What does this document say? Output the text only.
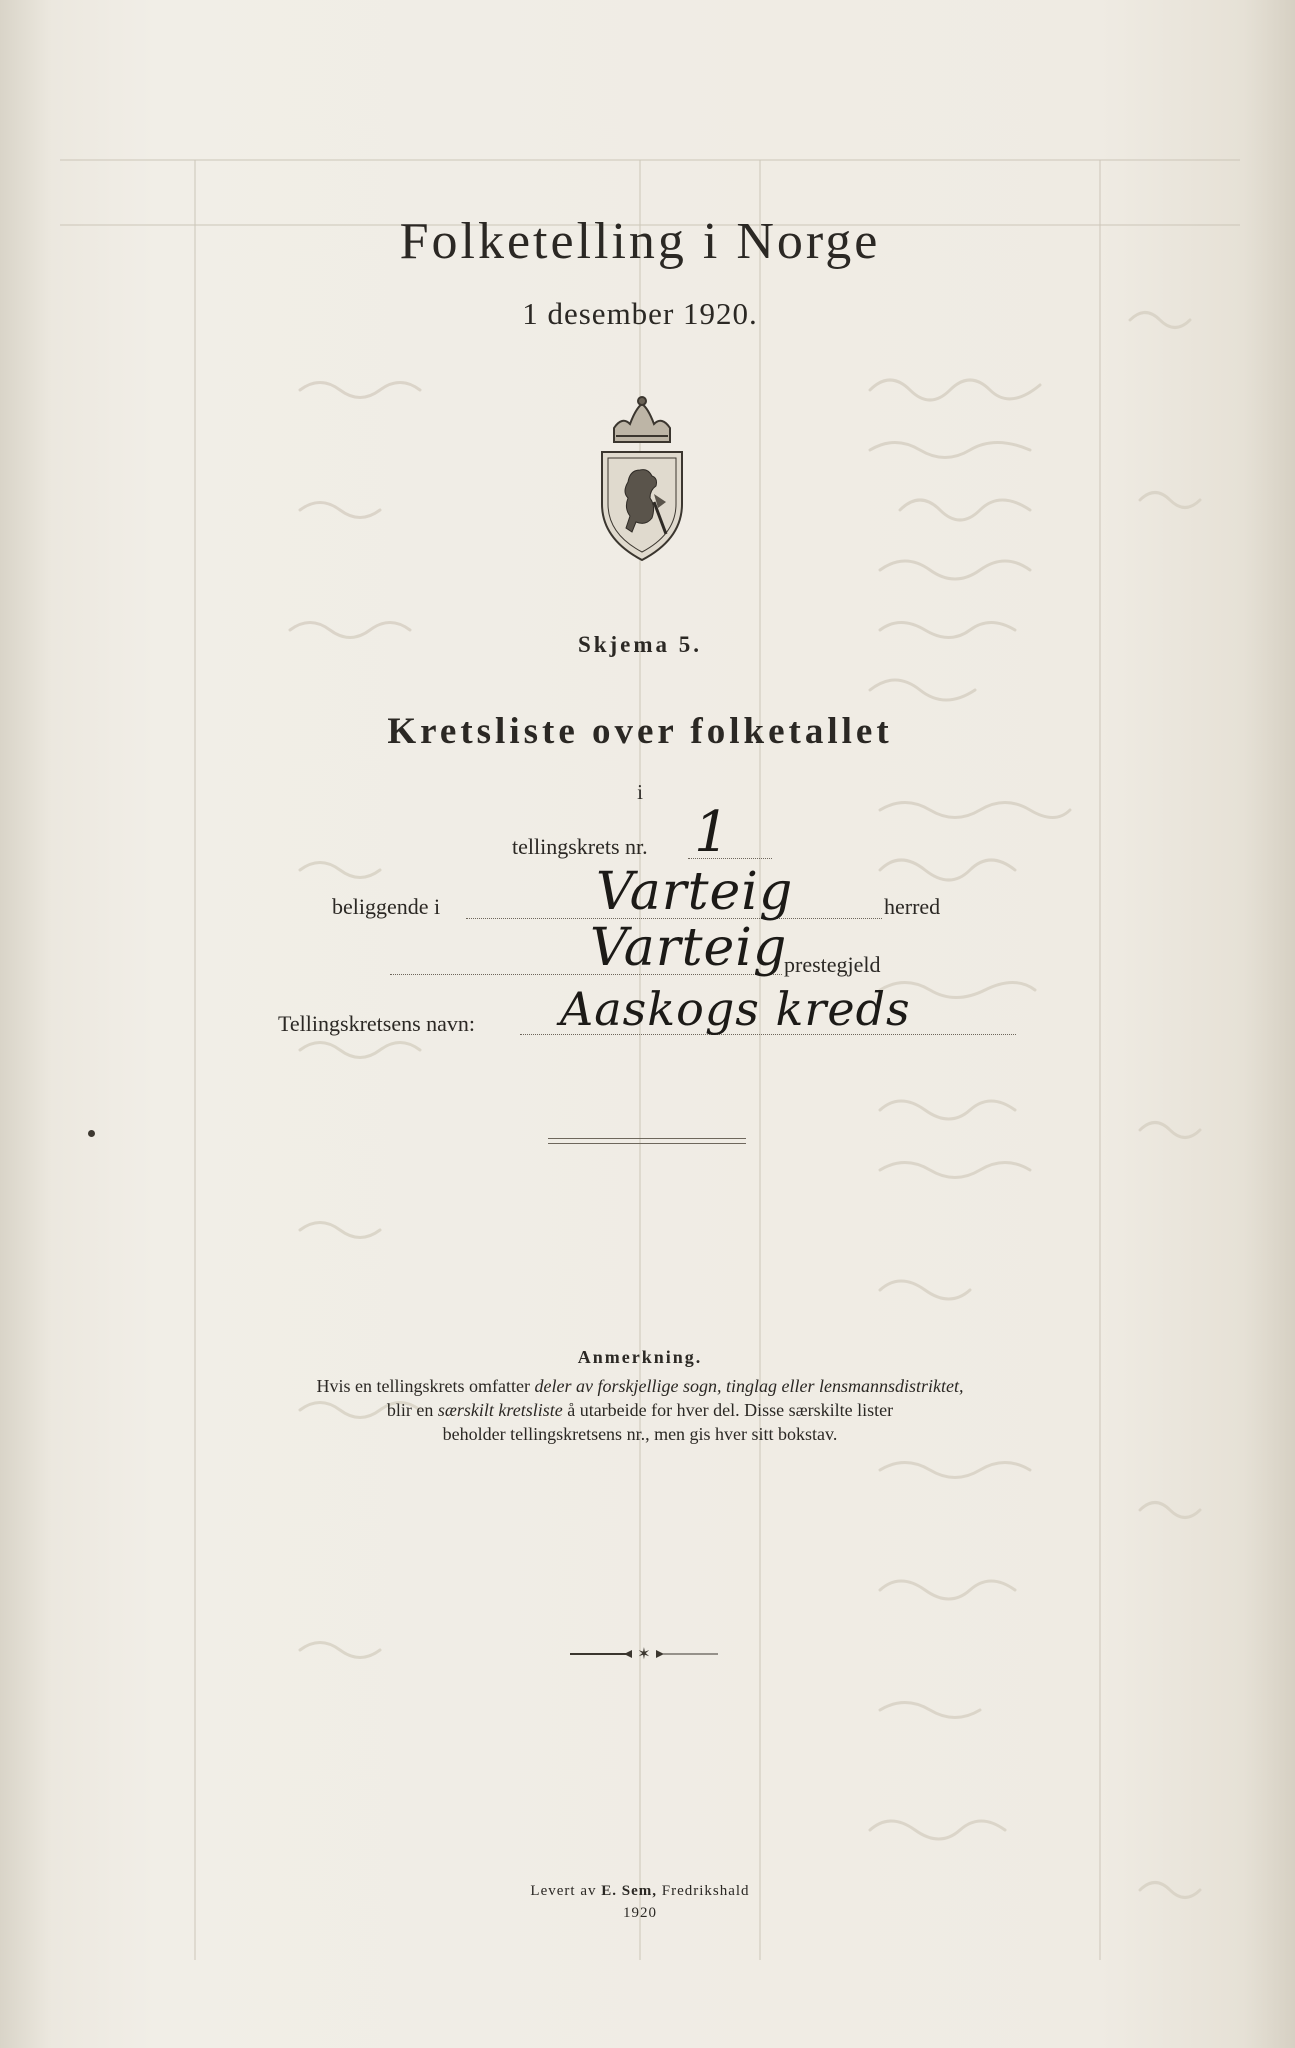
Folketelling i Norge
1 desember 1920.
Skjema 5.
Kretsliste over folketallet
i
tellingskrets nr. 1
beliggende i	Varteig	herred
Varteig
prestegjeld
Tellingskretsens navn: Aaskogs kreds
Anmerkning.
Hvis en tellingskrets omfatter deler av forskjellige sogn, tinglag eller lensmannsdistriktet,
blir en særskilt kretsliste å utarbeide for hver del. Disse særskilte lister
beholder tellingskretsens nr., men gis hver sitt bokstav.
✶
Levert av E. Sem, Fredrikshald
1920
